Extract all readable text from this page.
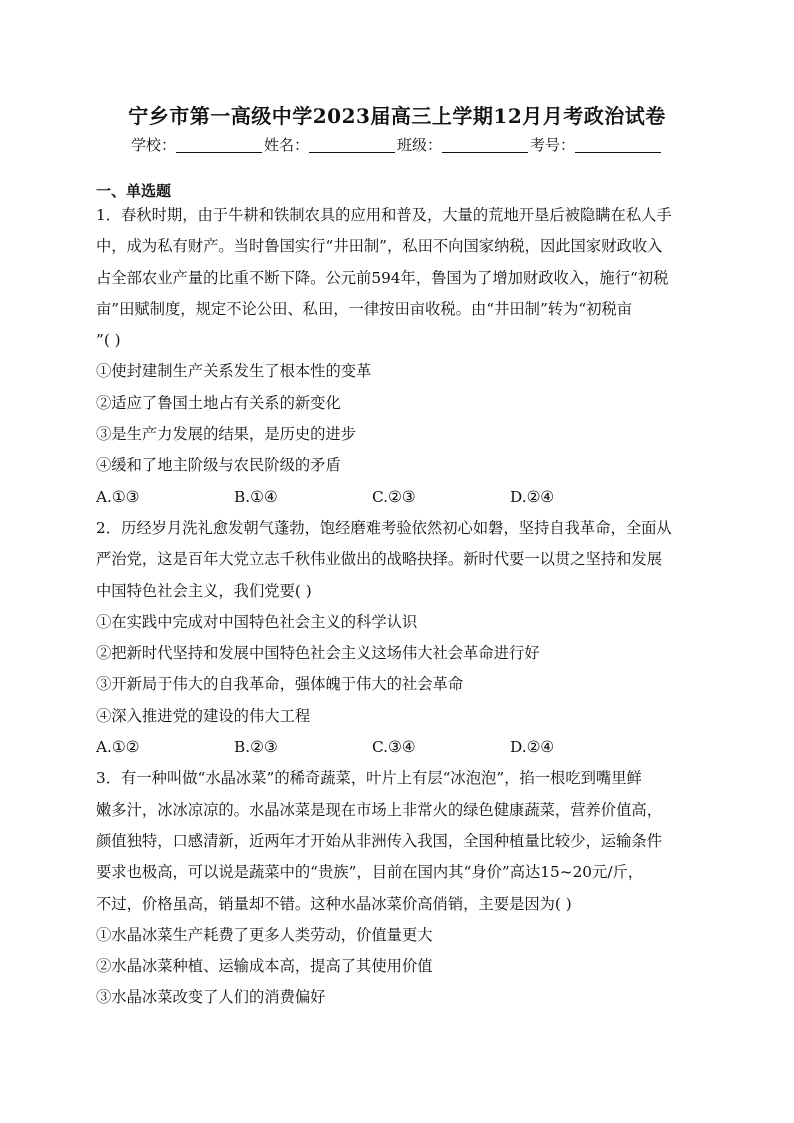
宁乡市第一高级中学2023届高三上学期12月月考政治试卷
学校：	姓名：	班级：	考号：
一、单选题
1．春秋时期，由于牛耕和铁制农具的应用和普及，大量的荒地开垦后被隐瞒在私人手
中，成为私有财产。当时鲁国实行“井田制”，私田不向国家纳税，因此国家财政收入
占全部农业产量的比重不断下降。公元前594年，鲁国为了增加财政收入，施行“初税
亩”田赋制度，规定不论公田、私田，一律按田亩收税。由“井田制”转为“初税亩
”( )
①使封建制生产关系发生了根本性的变革
②适应了鲁国土地占有关系的新变化
③是生产力发展的结果，是历史的进步
④缓和了地主阶级与农民阶级的矛盾
A.①③	B.①④	C.②③	D.②④
2．历经岁月洗礼愈发朝气蓬勃，饱经磨难考验依然初心如磐，坚持自我革命，全面从
严治党，这是百年大党立志千秋伟业做出的战略抉择。新时代要一以贯之坚持和发展
中国特色社会主义，我们党要( )
①在实践中完成对中国特色社会主义的科学认识
②把新时代坚持和发展中国特色社会主义这场伟大社会革命进行好
③开新局于伟大的自我革命，强体魄于伟大的社会革命
④深入推进党的建设的伟大工程
A.①②	B.②③	C.③④	D.②④
3．有一种叫做“水晶冰菜”的稀奇蔬菜，叶片上有层“冰泡泡”，掐一根吃到嘴里鲜
嫩多汁，冰冰凉凉的。水晶冰菜是现在市场上非常火的绿色健康蔬菜，营养价值高，
颜值独特，口感清新，近两年才开始从非洲传入我国，全国种植量比较少，运输条件
要求也极高，可以说是蔬菜中的“贵族”，目前在国内其“身价”高达15~20元/斤，
不过，价格虽高，销量却不错。这种水晶冰菜价高俏销，主要是因为( )
①水晶冰菜生产耗费了更多人类劳动，价值量更大
②水晶冰菜种植、运输成本高，提高了其使用价值
③水晶冰菜改变了人们的消费偏好
